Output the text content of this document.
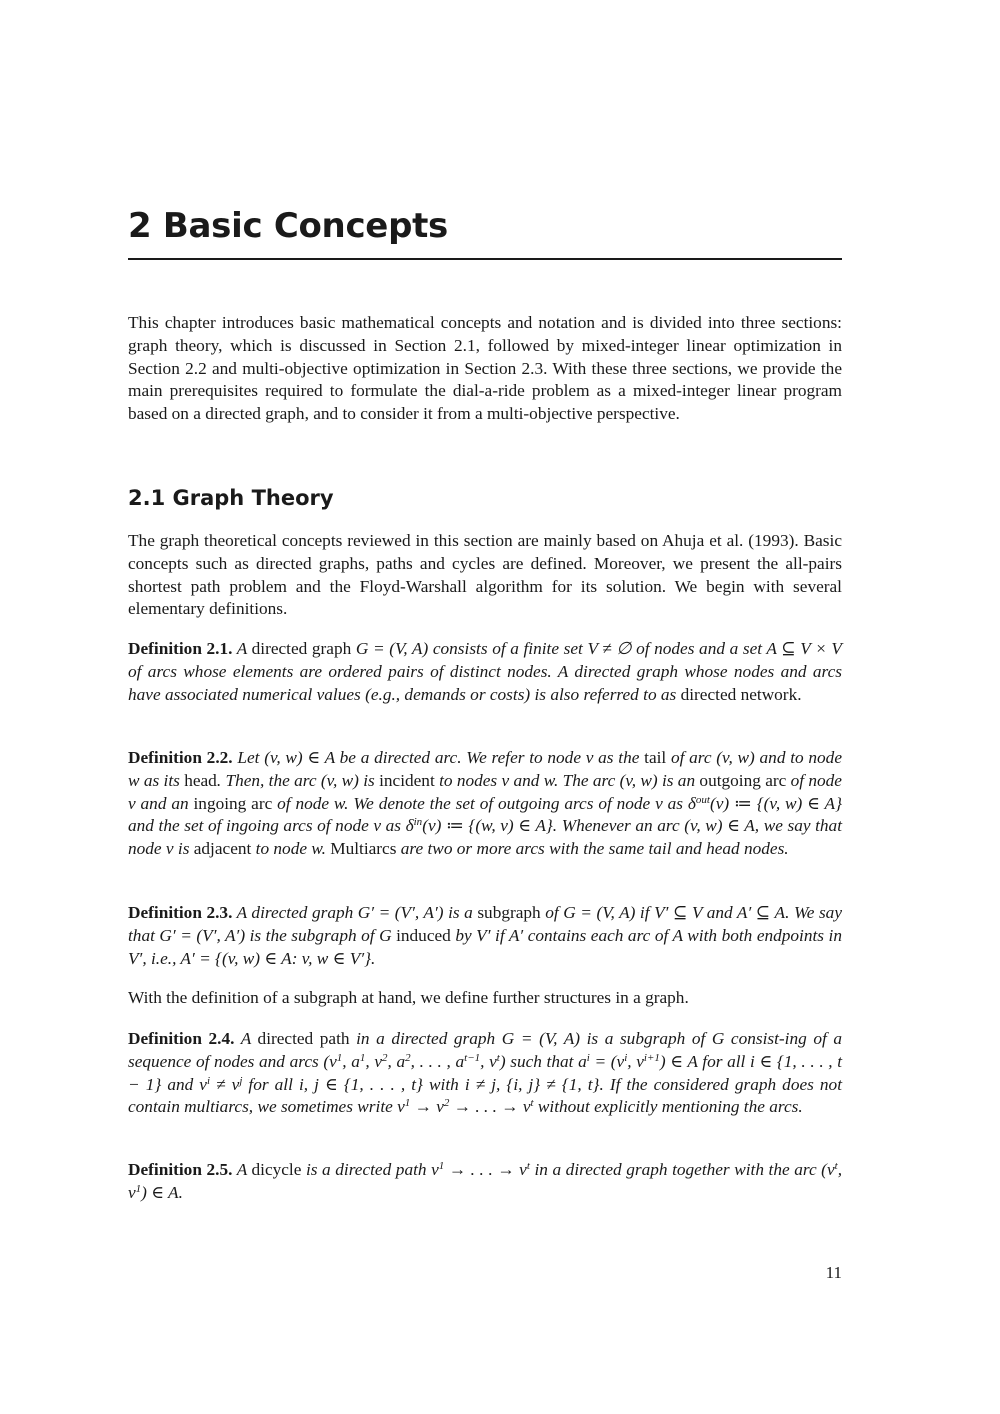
2 Basic Concepts

This chapter introduces basic mathematical concepts and notation and is divided into three sections: graph theory, which is discussed in Section 2.1, followed by mixed-integer linear optimization in Section 2.2 and multi-objective optimization in Section 2.3. With these three sections, we provide the main prerequisites required to formulate the dial-a-ride problem as a mixed-integer linear program based on a directed graph, and to consider it from a multi-objective perspective.

2.1 Graph Theory

The graph theoretical concepts reviewed in this section are mainly based on Ahuja et al. (1993). Basic concepts such as directed graphs, paths and cycles are defined. Moreover, we present the all-pairs shortest path problem and the Floyd-Warshall algorithm for its solution. We begin with several elementary definitions.

Definition 2.1. A directed graph G = (V, A) consists of a finite set V ≠ ∅ of nodes and a set A ⊆ V × V of arcs whose elements are ordered pairs of distinct nodes. A directed graph whose nodes and arcs have associated numerical values (e.g., demands or costs) is also referred to as directed network.

Definition 2.2. Let (v, w) ∈ A be a directed arc. We refer to node v as the tail of arc (v, w) and to node w as its head. Then, the arc (v, w) is incident to nodes v and w. The arc (v, w) is an outgoing arc of node v and an ingoing arc of node w. We denote the set of outgoing arcs of node v as $\delta^{out}(v)$ ≔ {(v, w) ∈ A} and the set of ingoing arcs of node v as $\delta^{in}(v)$ ≔ {(w, v) ∈ A}. Whenever an arc (v, w) ∈ A, we say that node v is adjacent to node w. Multiarcs are two or more arcs with the same tail and head nodes.

Definition 2.3. A directed graph G′ = (V′, A′) is a subgraph of G = (V, A) if V′ ⊆ V and A′ ⊆ A. We say that G′ = (V′, A′) is the subgraph of G induced by V′ if A′ contains each arc of A with both endpoints in V′, i.e., A′ = {(v, w) ∈ A: v, w ∈ V′}.

With the definition of a subgraph at hand, we define further structures in a graph.

Definition 2.4. A directed path in a directed graph G = (V, A) is a subgraph of G consist-ing of a sequence of nodes and arcs ($v^1$, $a^1$, $v^2$, $a^2$, . . . , $a^{t-1}$, $v^t$) such that $a^i = (v^i$, $v^{i+1}$) ∈ A for all i ∈ {1, . . . , t − 1} and $v^i \ne v^j$ for all i, j ∈ {1, . . . , t} with i ≠ j, {i, j} ≠ {1, t}. If the considered graph does not contain multiarcs, we sometimes write $v^1 \to v^2$ → . . . → $v^t$ without explicitly mentioning the arcs.

Definition 2.5. A dicycle is a directed path $v^1$ → . . . → $v^t$ in a directed graph together with the arc ($v^t$, $v^1$) ∈ A.

11
